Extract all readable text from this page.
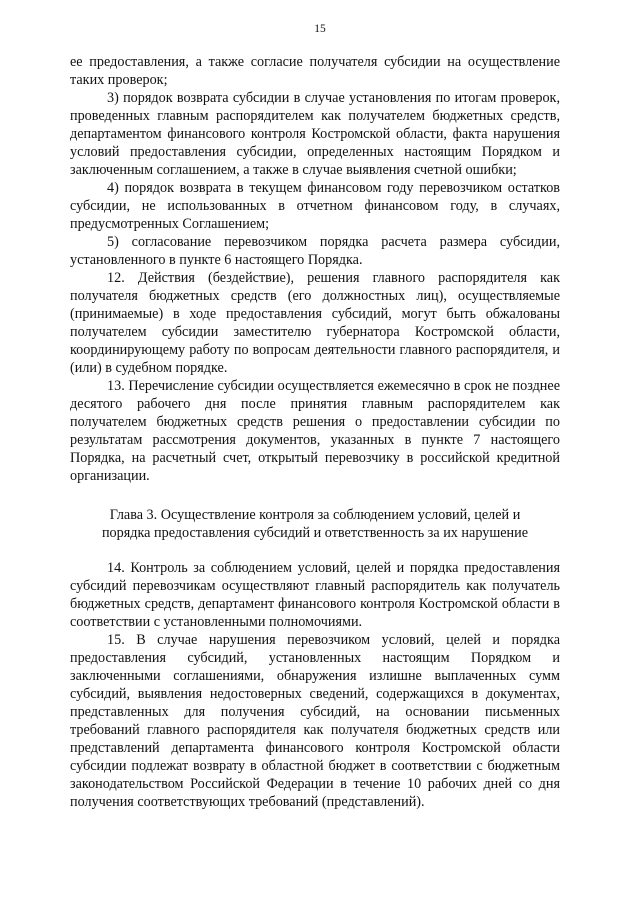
15

ее предоставления, а также согласие получателя субсидии на осуществление таких проверок;

3) порядок возврата субсидии в случае установления по итогам проверок, проведенных главным распорядителем как получателем бюджетных средств, департаментом финансового контроля Костромской области, факта нарушения условий предоставления субсидии, определенных настоящим Порядком и заключенным соглашением, а также в случае выявления счетной ошибки;

4) порядок возврата в текущем финансовом году перевозчиком остатков субсидии, не использованных в отчетном финансовом году, в случаях, предусмотренных Соглашением;

5) согласование перевозчиком порядка расчета размера субсидии, установленного в пункте 6 настоящего Порядка.

12. Действия (бездействие), решения главного распорядителя как получателя бюджетных средств (его должностных лиц), осуществляемые (принимаемые) в ходе предоставления субсидий, могут быть обжалованы получателем субсидии заместителю губернатора Костромской области, координирующему работу по вопросам деятельности главного распорядителя, и (или) в судебном порядке.

13. Перечисление субсидии осуществляется ежемесячно в срок не позднее десятого рабочего дня после принятия главным распорядителем как получателем бюджетных средств решения о предоставлении субсидии по результатам рассмотрения документов, указанных в пункте 7 настоящего Порядка, на расчетный счет, открытый перевозчику в российской кредитной организации.

Глава 3. Осуществление контроля за соблюдением условий, целей и

порядка предоставления субсидий и ответственность за их нарушение

14. Контроль за соблюдением условий, целей и порядка предоставления субсидий перевозчикам осуществляют главный распорядитель как получатель бюджетных средств, департамент финансового контроля Костромской области в соответствии с установленными полномочиями.

15. В случае нарушения перевозчиком условий, целей и порядка предоставления субсидий, установленных настоящим Порядком и заключенными соглашениями, обнаружения излишне выплаченных сумм субсидий, выявления недостоверных сведений, содержащихся в документах, представленных для получения субсидий, на основании письменных требований главного распорядителя как получателя бюджетных средств или представлений департамента финансового контроля Костромской области субсидии подлежат возврату в областной бюджет в соответствии с бюджетным законодательством Российской Федерации в течение 10 рабочих дней со дня получения соответствующих требований (представлений).
